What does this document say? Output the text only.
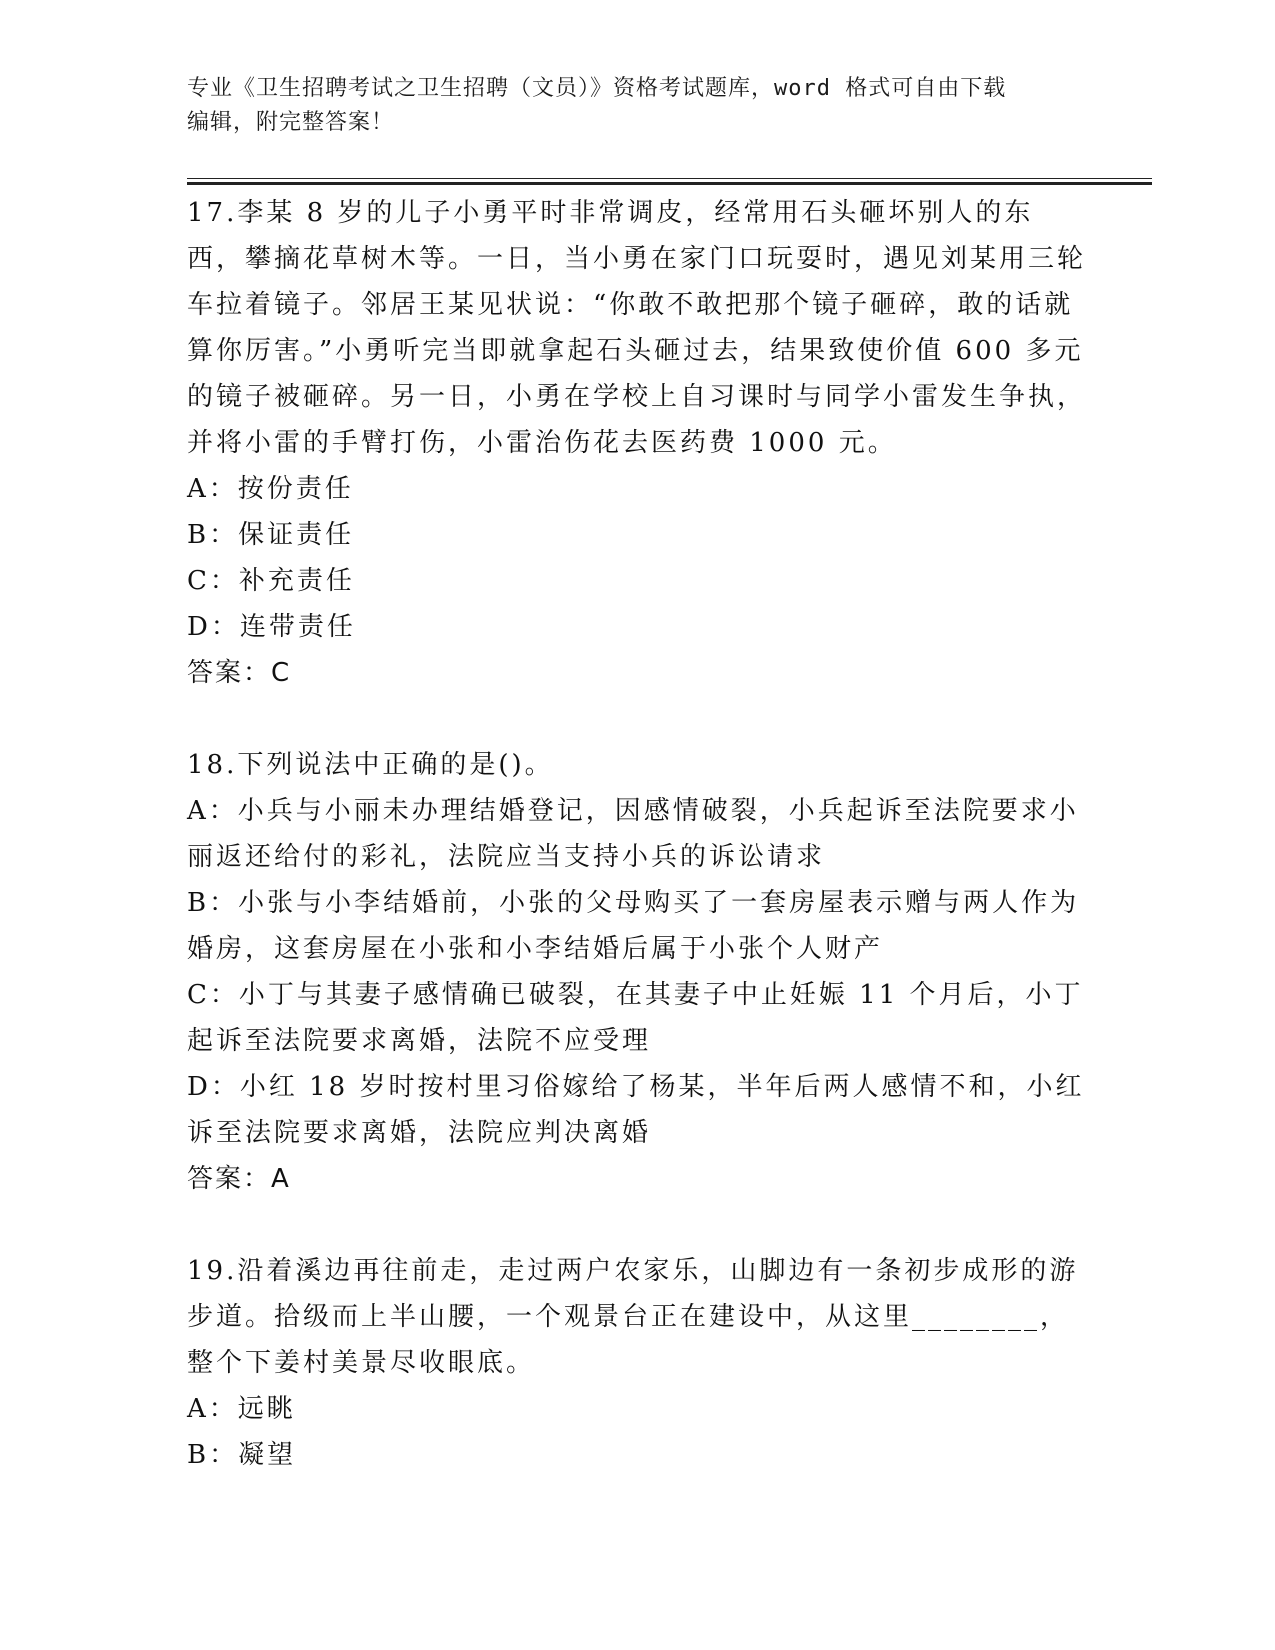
专业《卫生招聘考试之卫生招聘（文员）》资格考试题库，word 格式可自由下载
编辑，附完整答案！

17.李某 8 岁的儿子小勇平时非常调皮，经常用石头砸坏别人的东西，攀摘花草树木等。一日，当小勇在家门口玩耍时，遇见刘某用三轮车拉着镜子。邻居王某见状说：“你敢不敢把那个镜子砸碎，敢的话就算你厉害。”小勇听完当即就拿起石头砸过去，结果致使价值 600 多元的镜子被砸碎。另一日，小勇在学校上自习课时与同学小雷发生争执，并将小雷的手臂打伤，小雷治伤花去医药费 1000 元。

A：按份责任

B：保证责任

C：补充责任

D：连带责任

答案：C

18.下列说法中正确的是()。

A：小兵与小丽未办理结婚登记，因感情破裂，小兵起诉至法院要求小丽返还给付的彩礼，法院应当支持小兵的诉讼请求

B：小张与小李结婚前，小张的父母购买了一套房屋表示赠与两人作为婚房，这套房屋在小张和小李结婚后属于小张个人财产

C：小丁与其妻子感情确已破裂，在其妻子中止妊娠 11 个月后，小丁起诉至法院要求离婚，法院不应受理

D：小红 18 岁时按村里习俗嫁给了杨某，半年后两人感情不和，小红诉至法院要求离婚，法院应判决离婚

答案：A

19.沿着溪边再往前走，走过两户农家乐，山脚边有一条初步成形的游步道。拾级而上半山腰，一个观景台正在建设中，从这里________，整个下姜村美景尽收眼底。

A：远眺

B：凝望
